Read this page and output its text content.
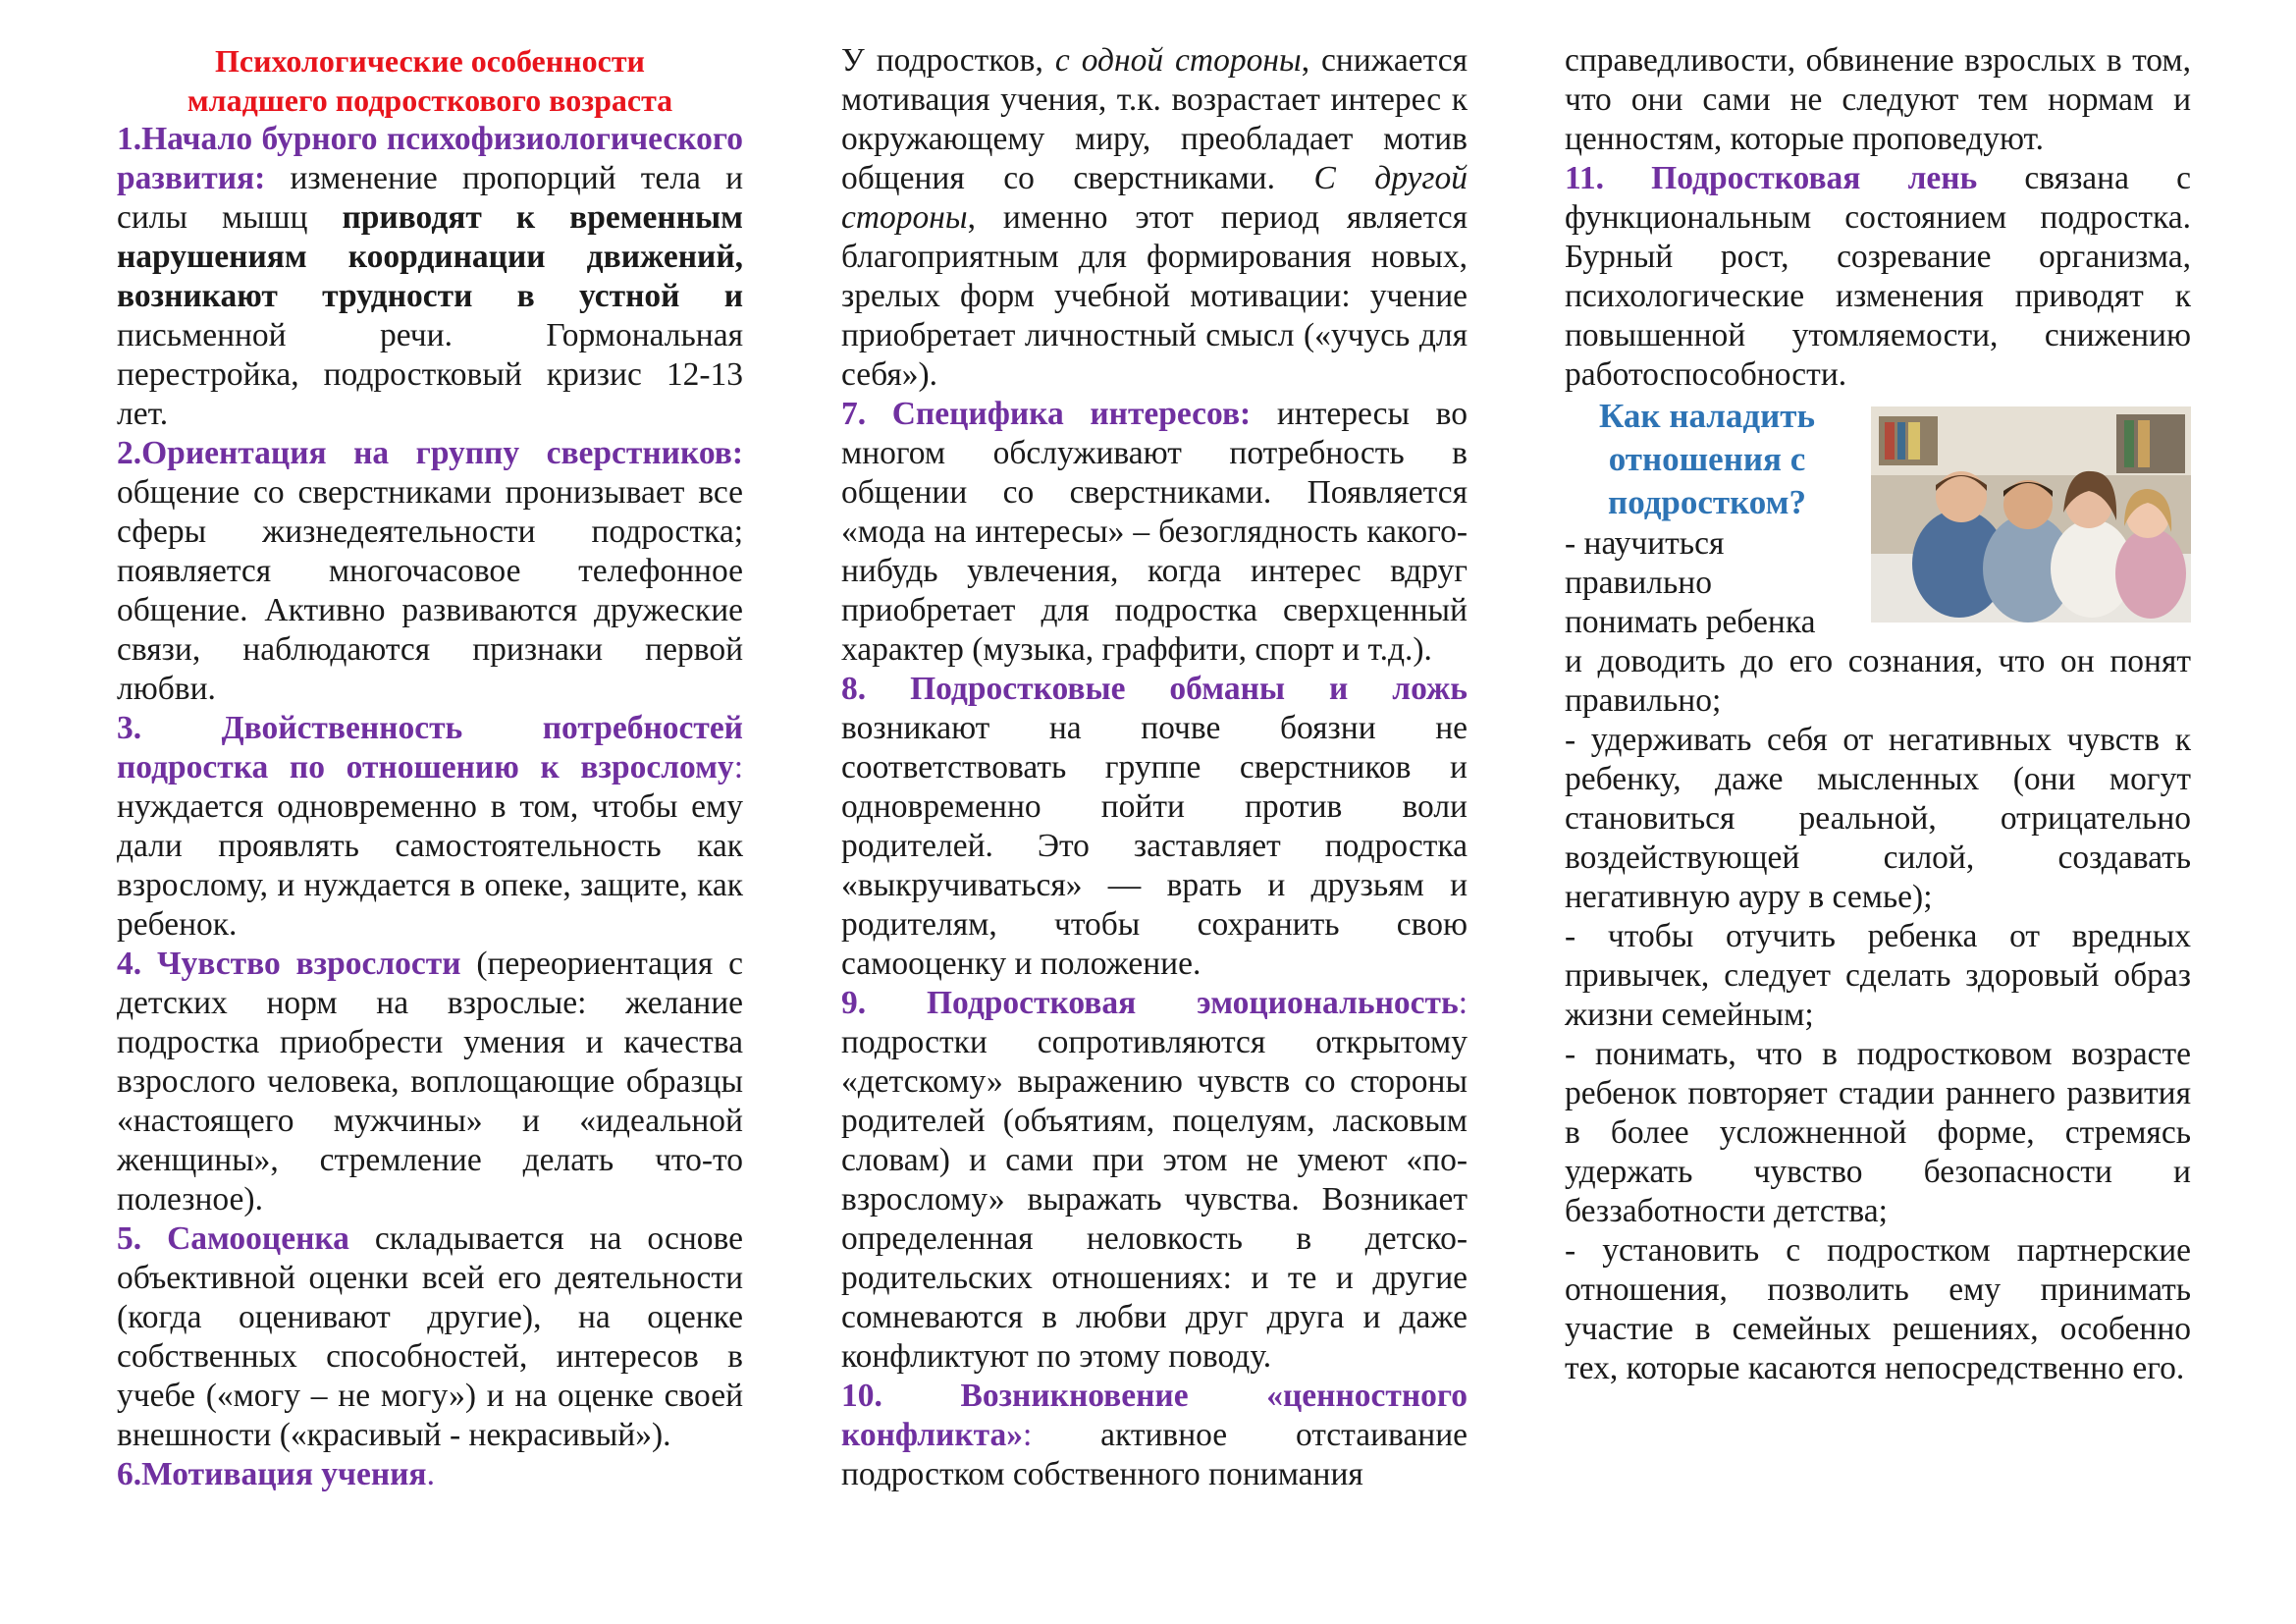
Психологические особенности
младшего подросткового возраста

1.Начало бурного психофизиологического развития: изменение пропорций тела и силы мышц приводят к временным нарушениям координации движений, возникают трудности в устной и письменной речи. Гормональная перестройка, подростковый кризис 12-13 лет.

2.Ориентация на группу сверстников: общение со сверстниками пронизывает все сферы жизнедеятельности подростка; появляется многочасовое телефонное общение. Активно развиваются дружеские связи, наблюдаются признаки первой любви.

3. Двойственность потребностей подростка по отношению к взрослому: нуждается одновременно в том, чтобы ему дали проявлять самостоятельность как взрослому, и нуждается в опеке, защите, как ребенок.

4. Чувство взрослости (переориентация с детских норм на взрослые: желание подростка приобрести умения и качества взрослого человека, воплощающие образцы «настоящего мужчины» и «идеальной женщины», стремление делать что-то полезное).

5. Самооценка складывается на основе объективной оценки всей его деятельности (когда оценивают другие), на оценке собственных способностей, интересов в учебе («могу – не могу») и на оценке своей внешности («красивый - некрасивый»).

6.Мотивация учения.

У подростков, с одной стороны, снижается мотивация учения, т.к. возрастает интерес к окружающему миру, преобладает мотив общения со сверстниками. С другой стороны, именно этот период является благоприятным для формирования новых, зрелых форм учебной мотивации: учение приобретает личностный смысл («учусь для себя»).

7. Специфика интересов: интересы во многом обслуживают потребность в общении со сверстниками. Появляется «мода на интересы» – безоглядность какого-нибудь увлечения, когда интерес вдруг приобретает для подростка сверхценный характер (музыка, граффити, спорт и т.д.).

8. Подростковые обманы и ложь возникают на почве боязни не соответствовать группе сверстников и одновременно пойти против воли родителей. Это заставляет подростка «выкручиваться» — врать и друзьям и родителям, чтобы сохранить свою самооценку и положение.

9. Подростковая эмоциональность: подростки сопротивляются открытому «детскому» выражению чувств со стороны родителей (объятиям, поцелуям, ласковым словам) и сами при этом не умеют «по-взрослому» выражать чувства. Возникает определенная неловкость в детско-родительских отношениях: и те и другие сомневаются в любви друг друга и даже конфликтуют по этому поводу.

10. Возникновение «ценностного конфликта»: активное отстаивание подростком собственного понимания

справедливости, обвинение взрослых в том, что они сами не следуют тем нормам и ценностям, которые проповедуют.

11. Подростковая лень связана с функциональным состоянием подростка. Бурный рост, созревание организма, психологические изменения приводят к повышенной утомляемости, снижению работоспособности.

Как наладить отношения с подростком?

- научиться правильно понимать ребенка

и доводить до его сознания, что он понят правильно;

- удерживать себя от негативных чувств к ребенку, даже мысленных (они могут становиться реальной, отрицательно воздействующей силой, создавать негативную ауру в семье);

- чтобы отучить ребенка от вредных привычек, следует сделать здоровый образ жизни семейным;

- понимать, что в подростковом возрасте ребенок повторяет стадии раннего развития в более усложненной форме, стремясь удержать чувство безопасности и беззаботности детства;

- установить с подростком партнерские отношения, позволить ему принимать участие в семейных решениях, особенно тех, которые касаются непосредственно его.
